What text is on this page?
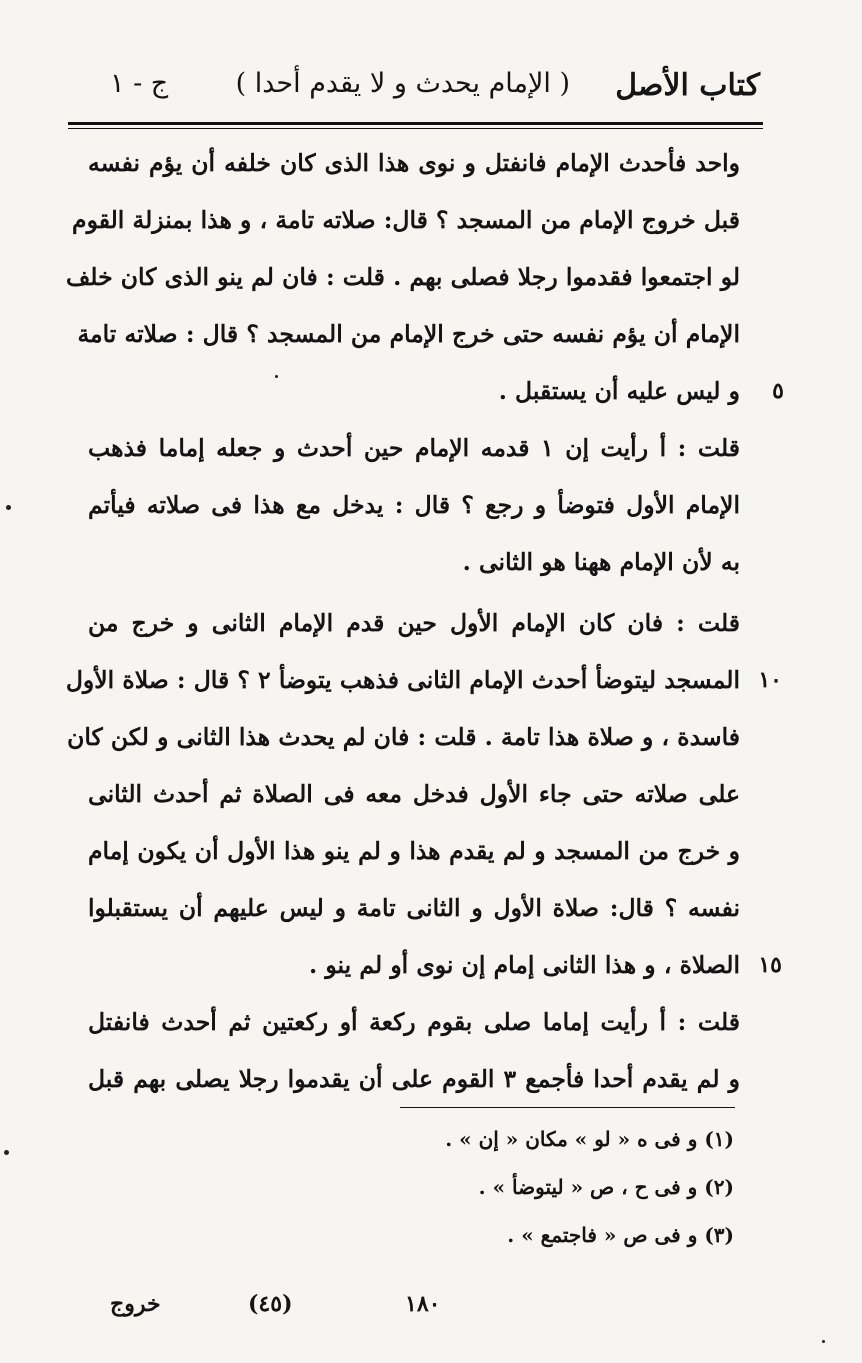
كتاب الأصل
( الإمام يحدث و لا يقدم أحدا )
ج - ١
واحد فأحدث الإمام فانفتل و نوى هذا الذى كان خلفه أن يؤم نفسه
قبل خروج الإمام من المسجد ؟ قال: صلاته تامة ، و هذا بمنزلة القوم
لو اجتمعوا فقدموا رجلا فصلى بهم . قلت : فان لم ينو الذى كان خلف
الإمام أن يؤم نفسه حتى خرج الإمام من المسجد ؟ قال : صلاته تامة
و ليس عليه أن يستقبل .	٥
قلت : أ رأيت إن ١ قدمه الإمام حين أحدث و جعله إماما فذهب
الإمام الأول فتوضأ و رجع ؟ قال : يدخل مع هذا فى صلاته فيأتم
به لأن الإمام ههنا هو الثانى .
قلت : فان كان الإمام الأول حين قدم الإمام الثانى و خرج من
المسجد ليتوضأ أحدث الإمام الثانى فذهب يتوضأ ٢ ؟ قال : صلاة الأول ١٠
فاسدة ، و صلاة هذا تامة . قلت : فان لم يحدث هذا الثانى و لكن كان
على صلاته حتى جاء الأول فدخل معه فى الصلاة ثم أحدث الثانى
و خرج من المسجد و لم يقدم هذا و لم ينو هذا الأول أن يكون إمام
نفسه ؟ قال: صلاة الأول و الثانى تامة و ليس عليهم أن يستقبلوا
الصلاة ، و هذا الثانى إمام إن نوى أو لم ينو . ١٥
قلت : أ رأيت إماما صلى بقوم ركعة أو ركعتين ثم أحدث فانفتل
و لم يقدم أحدا فأجمع ٣ القوم على أن يقدموا رجلا يصلى بهم قبل
(١) و فى ه « لو » مكان « إن » .
(٢) و فى ح ، ص « ليتوضأ » .
(٣) و فى ص « فاجتمع » .
خروج	(٤٥)	١٨٠
